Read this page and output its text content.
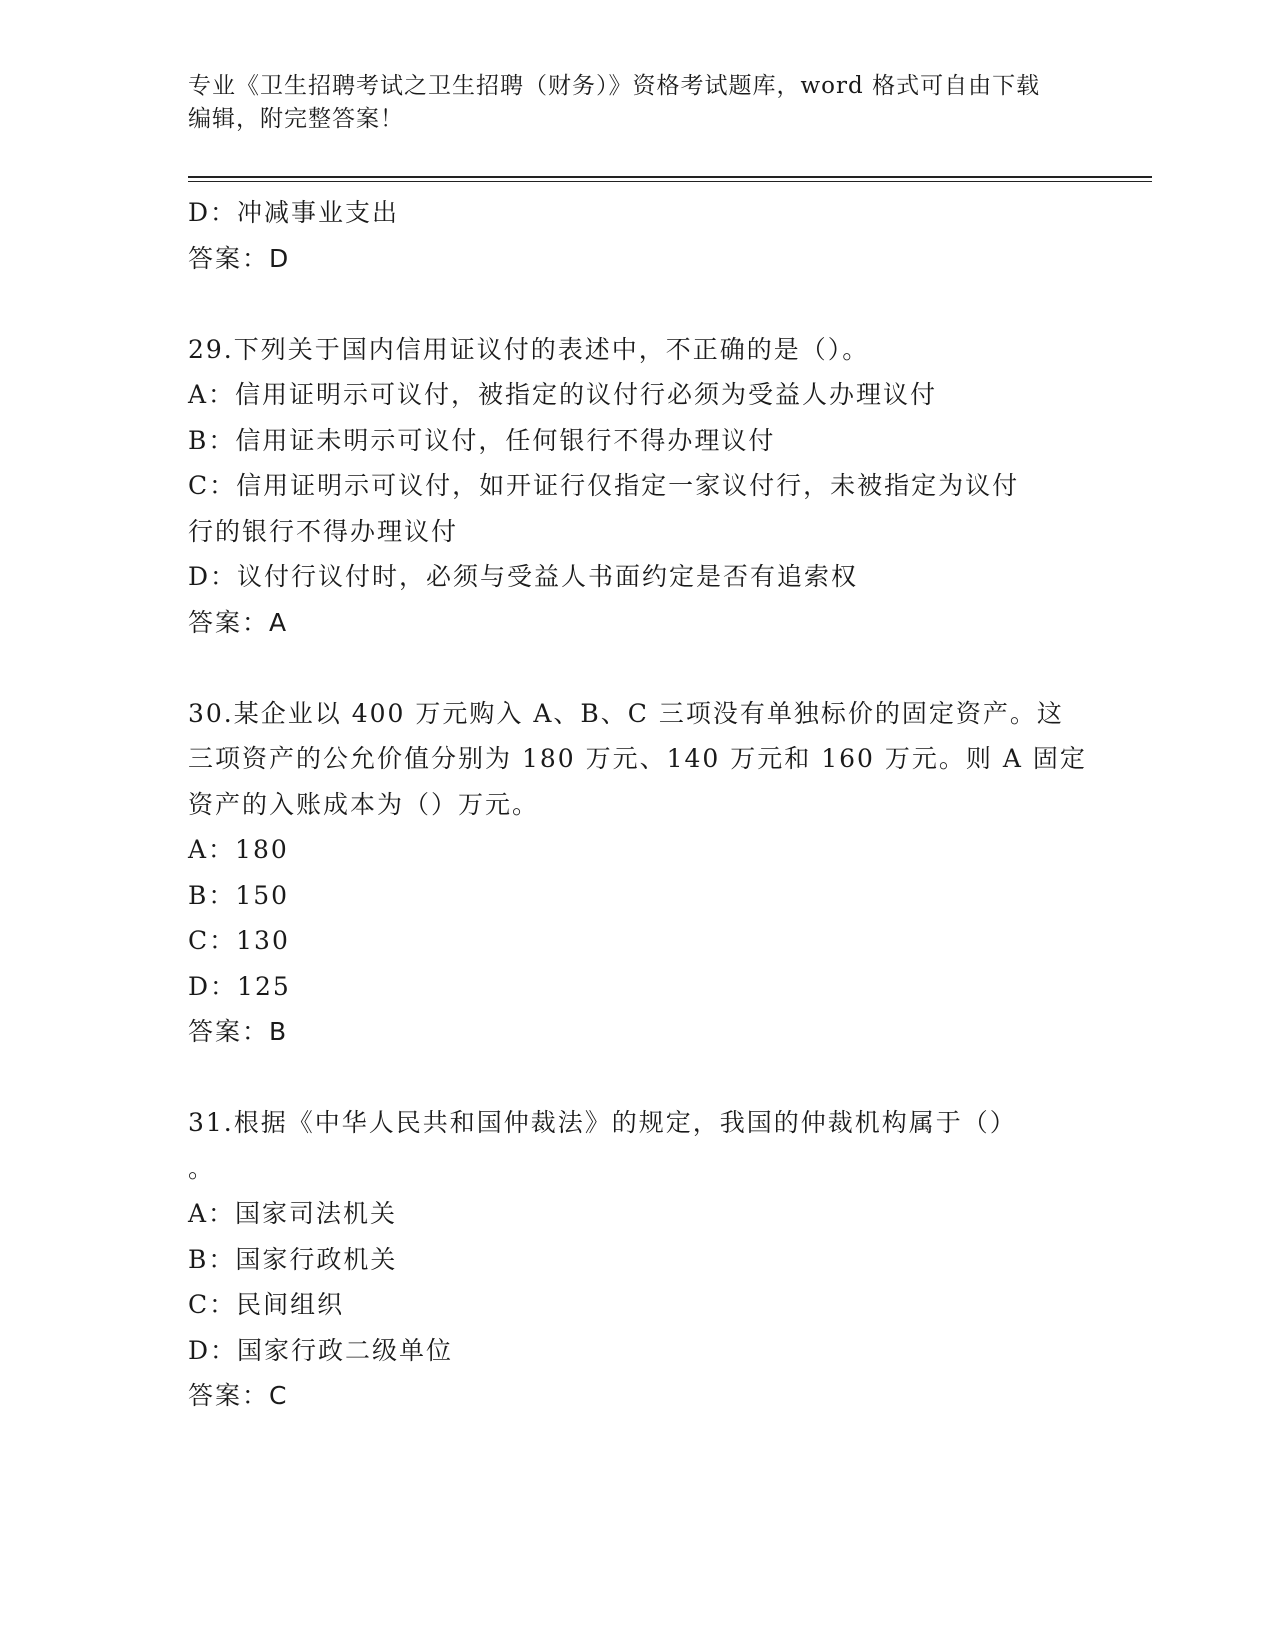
专业《卫生招聘考试之卫生招聘（财务）》资格考试题库，word 格式可自由下载
编辑，附完整答案！
D：冲减事业支出
答案：D
29.下列关于国内信用证议付的表述中，不正确的是（）。
A：信用证明示可议付，被指定的议付行必须为受益人办理议付
B：信用证未明示可议付，任何银行不得办理议付
C：信用证明示可议付，如开证行仅指定一家议付行，未被指定为议付
行的银行不得办理议付
D：议付行议付时，必须与受益人书面约定是否有追索权
答案：A
30.某企业以 400 万元购入 A、B、C 三项没有单独标价的固定资产。这
三项资产的公允价值分别为 180 万元、140 万元和 160 万元。则 A 固定
资产的入账成本为（）万元。
A：180
B：150
C：130
D：125
答案：B
31.根据《中华人民共和国仲裁法》的规定，我国的仲裁机构属于（）
。
A：国家司法机关
B：国家行政机关
C：民间组织
D：国家行政二级单位
答案：C
